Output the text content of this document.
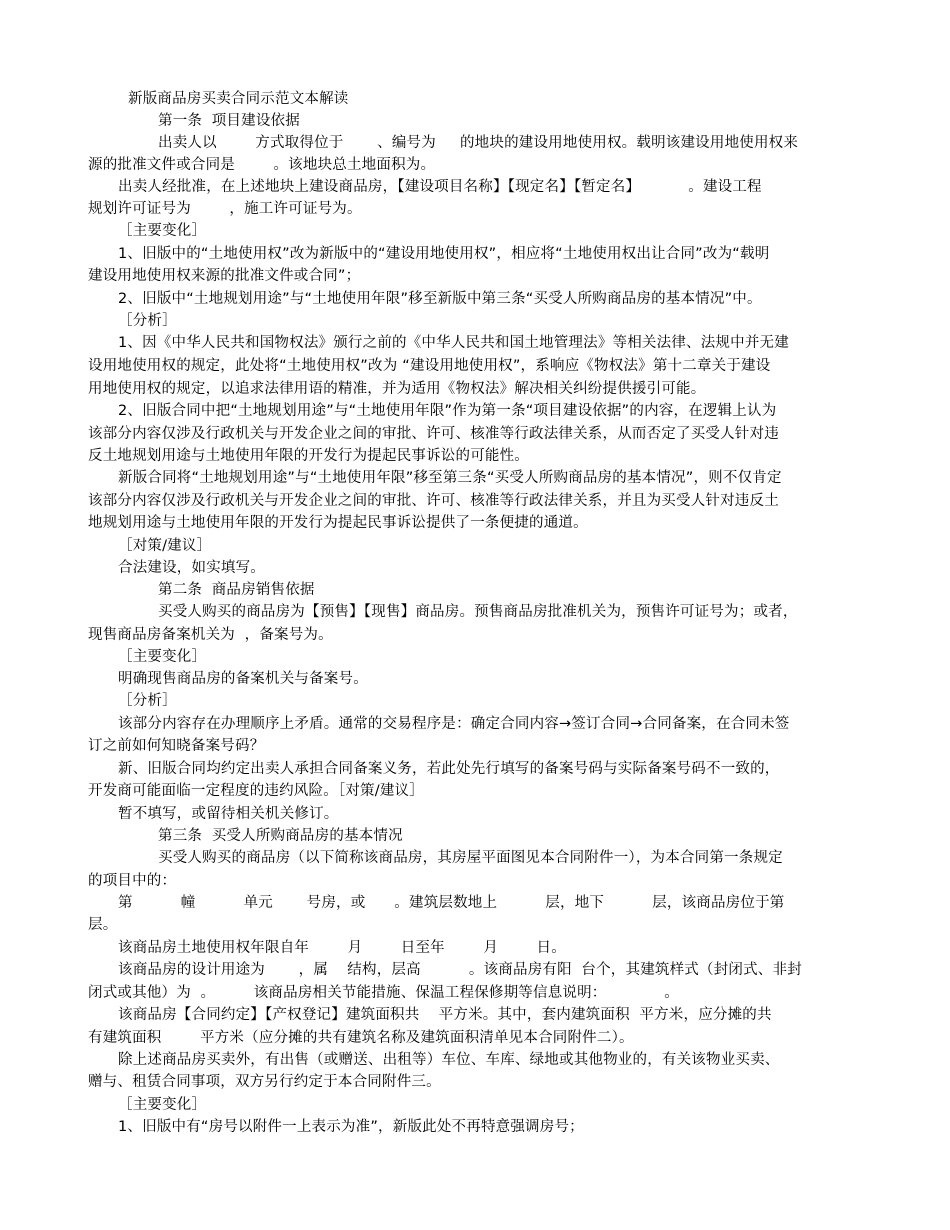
新版商品房买卖合同示范文本解读
第一条  项目建设依据
出卖人以        方式取得位于       、编号为     的地块的建设用地使用权。载明该建设用地使用权来
源的批准文件或合同是        。该地块总土地面积为。
出卖人经批准，在上述地块上建设商品房，【建设项目名称】【现定名】【暂定名】          。建设工程
规划许可证号为        ，施工许可证号为。
［主要变化］
1、旧版中的“土地使用权”改为新版中的“建设用地使用权”，相应将“土地使用权出让合同”改为“载明
建设用地使用权来源的批准文件或合同”；
2、旧版中“土地规划用途”与“土地使用年限”移至新版中第三条“买受人所购商品房的基本情况”中。
［分析］
1、因《中华人民共和国物权法》颁行之前的《中华人民共和国土地管理法》等相关法律、法规中并无建
设用地使用权的规定，此处将“土地使用权”改为 “建设用地使用权”，系响应《物权法》第十二章关于建设
用地使用权的规定，以追求法律用语的精准，并为适用《物权法》解决相关纠纷提供援引可能。
2、旧版合同中把“土地规划用途”与“土地使用年限”作为第一条“项目建设依据”的内容，在逻辑上认为
该部分内容仅涉及行政机关与开发企业之间的审批、许可、核准等行政法律关系，从而否定了买受人针对违
反土地规划用途与土地使用年限的开发行为提起民事诉讼的可能性。
新版合同将“土地规划用途”与“土地使用年限”移至第三条“买受人所购商品房的基本情况”，则不仅肯定
该部分内容仅涉及行政机关与开发企业之间的审批、许可、核准等行政法律关系，并且为买受人针对违反土
地规划用途与土地使用年限的开发行为提起民事诉讼提供了一条便捷的通道。
［对策/建议］
合法建设，如实填写。
第二条  商品房销售依据
买受人购买的商品房为【预售】【现售】商品房。预售商品房批准机关为，预售许可证号为；或者，
现售商品房备案机关为  ，备案号为。
［主要变化］
明确现售商品房的备案机关与备案号。
［分析］
该部分内容存在办理顺序上矛盾。通常的交易程序是：确定合同内容→签订合同→合同备案，在合同未签
订之前如何知晓备案号码？
新、旧版合同均约定出卖人承担合同备案义务，若此处先行填写的备案号码与实际备案号码不一致的，
开发商可能面临一定程度的违约风险。［对策/建议］
暂不填写，或留待相关机关修订。
第三条  买受人所购商品房的基本情况
买受人购买的商品房（以下简称该商品房，其房屋平面图见本合同附件一），为本合同第一条规定
的项目中的：
第          幢          单元       号房，或      。建筑层数地上          层，地下          层，该商品房位于第
层。
该商品房土地使用权年限自年        月        日至年        月        日。
该商品房的设计用途为       ，属    结构，层高          。该商品房有阳  台个，其建筑样式（封闭式、非封
闭式或其他）为  。        该商品房相关节能措施、保温工程保修期等信息说明：            。
该商品房【合同约定】【产权登记】建筑面积共    平方米。其中，套内建筑面积  平方米，应分摊的共
有建筑面积        平方米（应分摊的共有建筑名称及建筑面积清单见本合同附件二）。
除上述商品房买卖外，有出售（或赠送、出租等）车位、车库、绿地或其他物业的，有关该物业买卖、
赠与、租赁合同事项，双方另行约定于本合同附件三。
［主要变化］
1、旧版中有“房号以附件一上表示为准”，新版此处不再特意强调房号；
